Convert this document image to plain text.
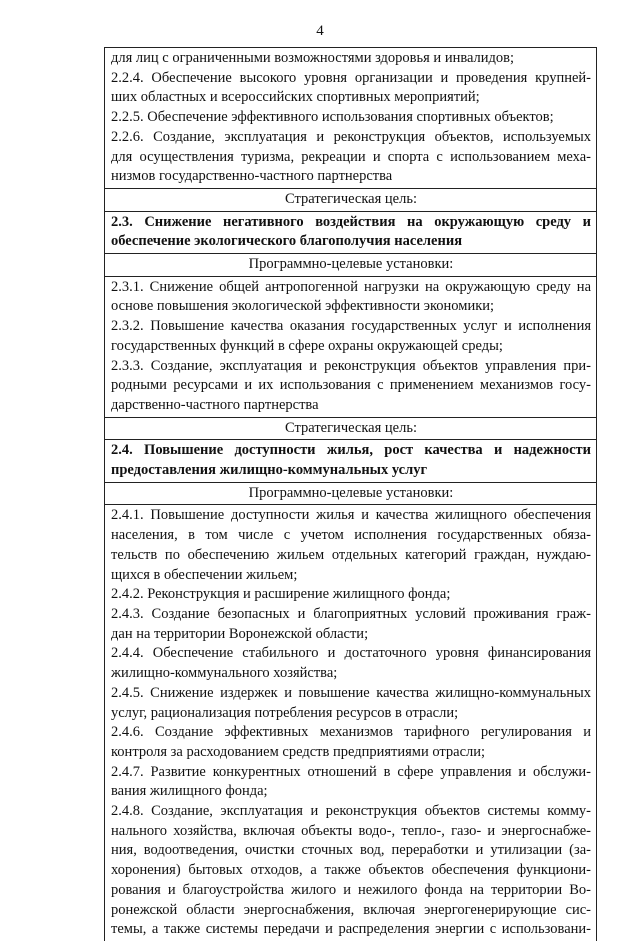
4
для лиц с ограниченными возможностями здоровья и инвалидов;
2.2.4. Обеспечение высокого уровня организации и проведения крупней-
ших областных и всероссийских спортивных мероприятий;
2.2.5. Обеспечение эффективного использования спортивных объектов;
2.2.6. Создание, эксплуатация и реконструкция объектов, используемых
для осуществления туризма, рекреации и спорта с использованием меха-
низмов государственно-частного партнерства
Стратегическая цель:
2.3. Снижение негативного воздействия на окружающую среду и
обеспечение экологического благополучия населения
Программно-целевые установки:
2.3.1. Снижение общей антропогенной нагрузки на окружающую среду на
основе повышения экологической эффективности экономики;
2.3.2. Повышение качества оказания государственных услуг и исполнения
государственных функций в сфере охраны окружающей среды;
2.3.3. Создание, эксплуатация и реконструкция объектов управления при-
родными ресурсами и их использования с применением механизмов госу-
дарственно-частного партнерства
Стратегическая цель:
2.4. Повышение доступности жилья, рост качества и надежности
предоставления жилищно-коммунальных услуг
Программно-целевые установки:
2.4.1. Повышение доступности жилья и качества жилищного обеспечения
населения, в том числе с учетом исполнения государственных обяза-
тельств по обеспечению жильем отдельных категорий граждан, нуждаю-
щихся в обеспечении жильем;
2.4.2. Реконструкция и расширение жилищного фонда;
2.4.3. Создание безопасных и благоприятных условий проживания граж-
дан на территории Воронежской области;
2.4.4. Обеспечение стабильного и достаточного уровня финансирования
жилищно-коммунального хозяйства;
2.4.5. Снижение издержек и повышение качества жилищно-коммунальных
услуг, рационализация потребления ресурсов в отрасли;
2.4.6. Создание эффективных механизмов тарифного регулирования и
контроля за расходованием средств предприятиями отрасли;
2.4.7. Развитие конкурентных отношений в сфере управления и обслужи-
вания жилищного фонда;
2.4.8. Создание, эксплуатация и реконструкция объектов системы комму-
нального хозяйства, включая объекты водо-, тепло-, газо- и энергоснабже-
ния, водоотведения, очистки сточных вод, переработки и утилизации (за-
хоронения) бытовых отходов, а также объектов обеспечения функциони-
рования и благоустройства жилого и нежилого фонда на территории Во-
ронежской области энергоснабжения, включая энергогенерирующие сис-
темы, а также системы передачи и распределения энергии с использовани-
